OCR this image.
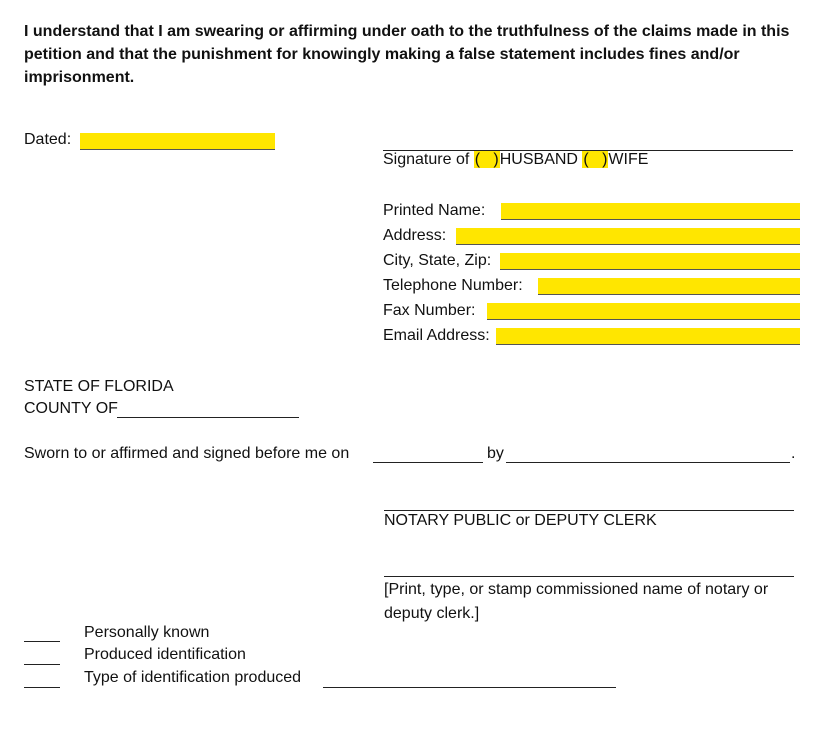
I understand that I am swearing or affirming under oath to the truthfulness of the claims made in this petition and that the punishment for knowingly making a false statement includes fines and/or imprisonment.
Dated:
Signature of ( )HUSBAND ( )WIFE
Printed Name:
Address:
City, State, Zip:
Telephone Number:
Fax Number:
Email Address:
STATE OF FLORIDA
COUNTY OF
Sworn to or affirmed and signed before me on	by	.
NOTARY PUBLIC or DEPUTY CLERK
[Print, type, or stamp commissioned name of notary or deputy clerk.]
Personally known
Produced identification
Type of identification produced
